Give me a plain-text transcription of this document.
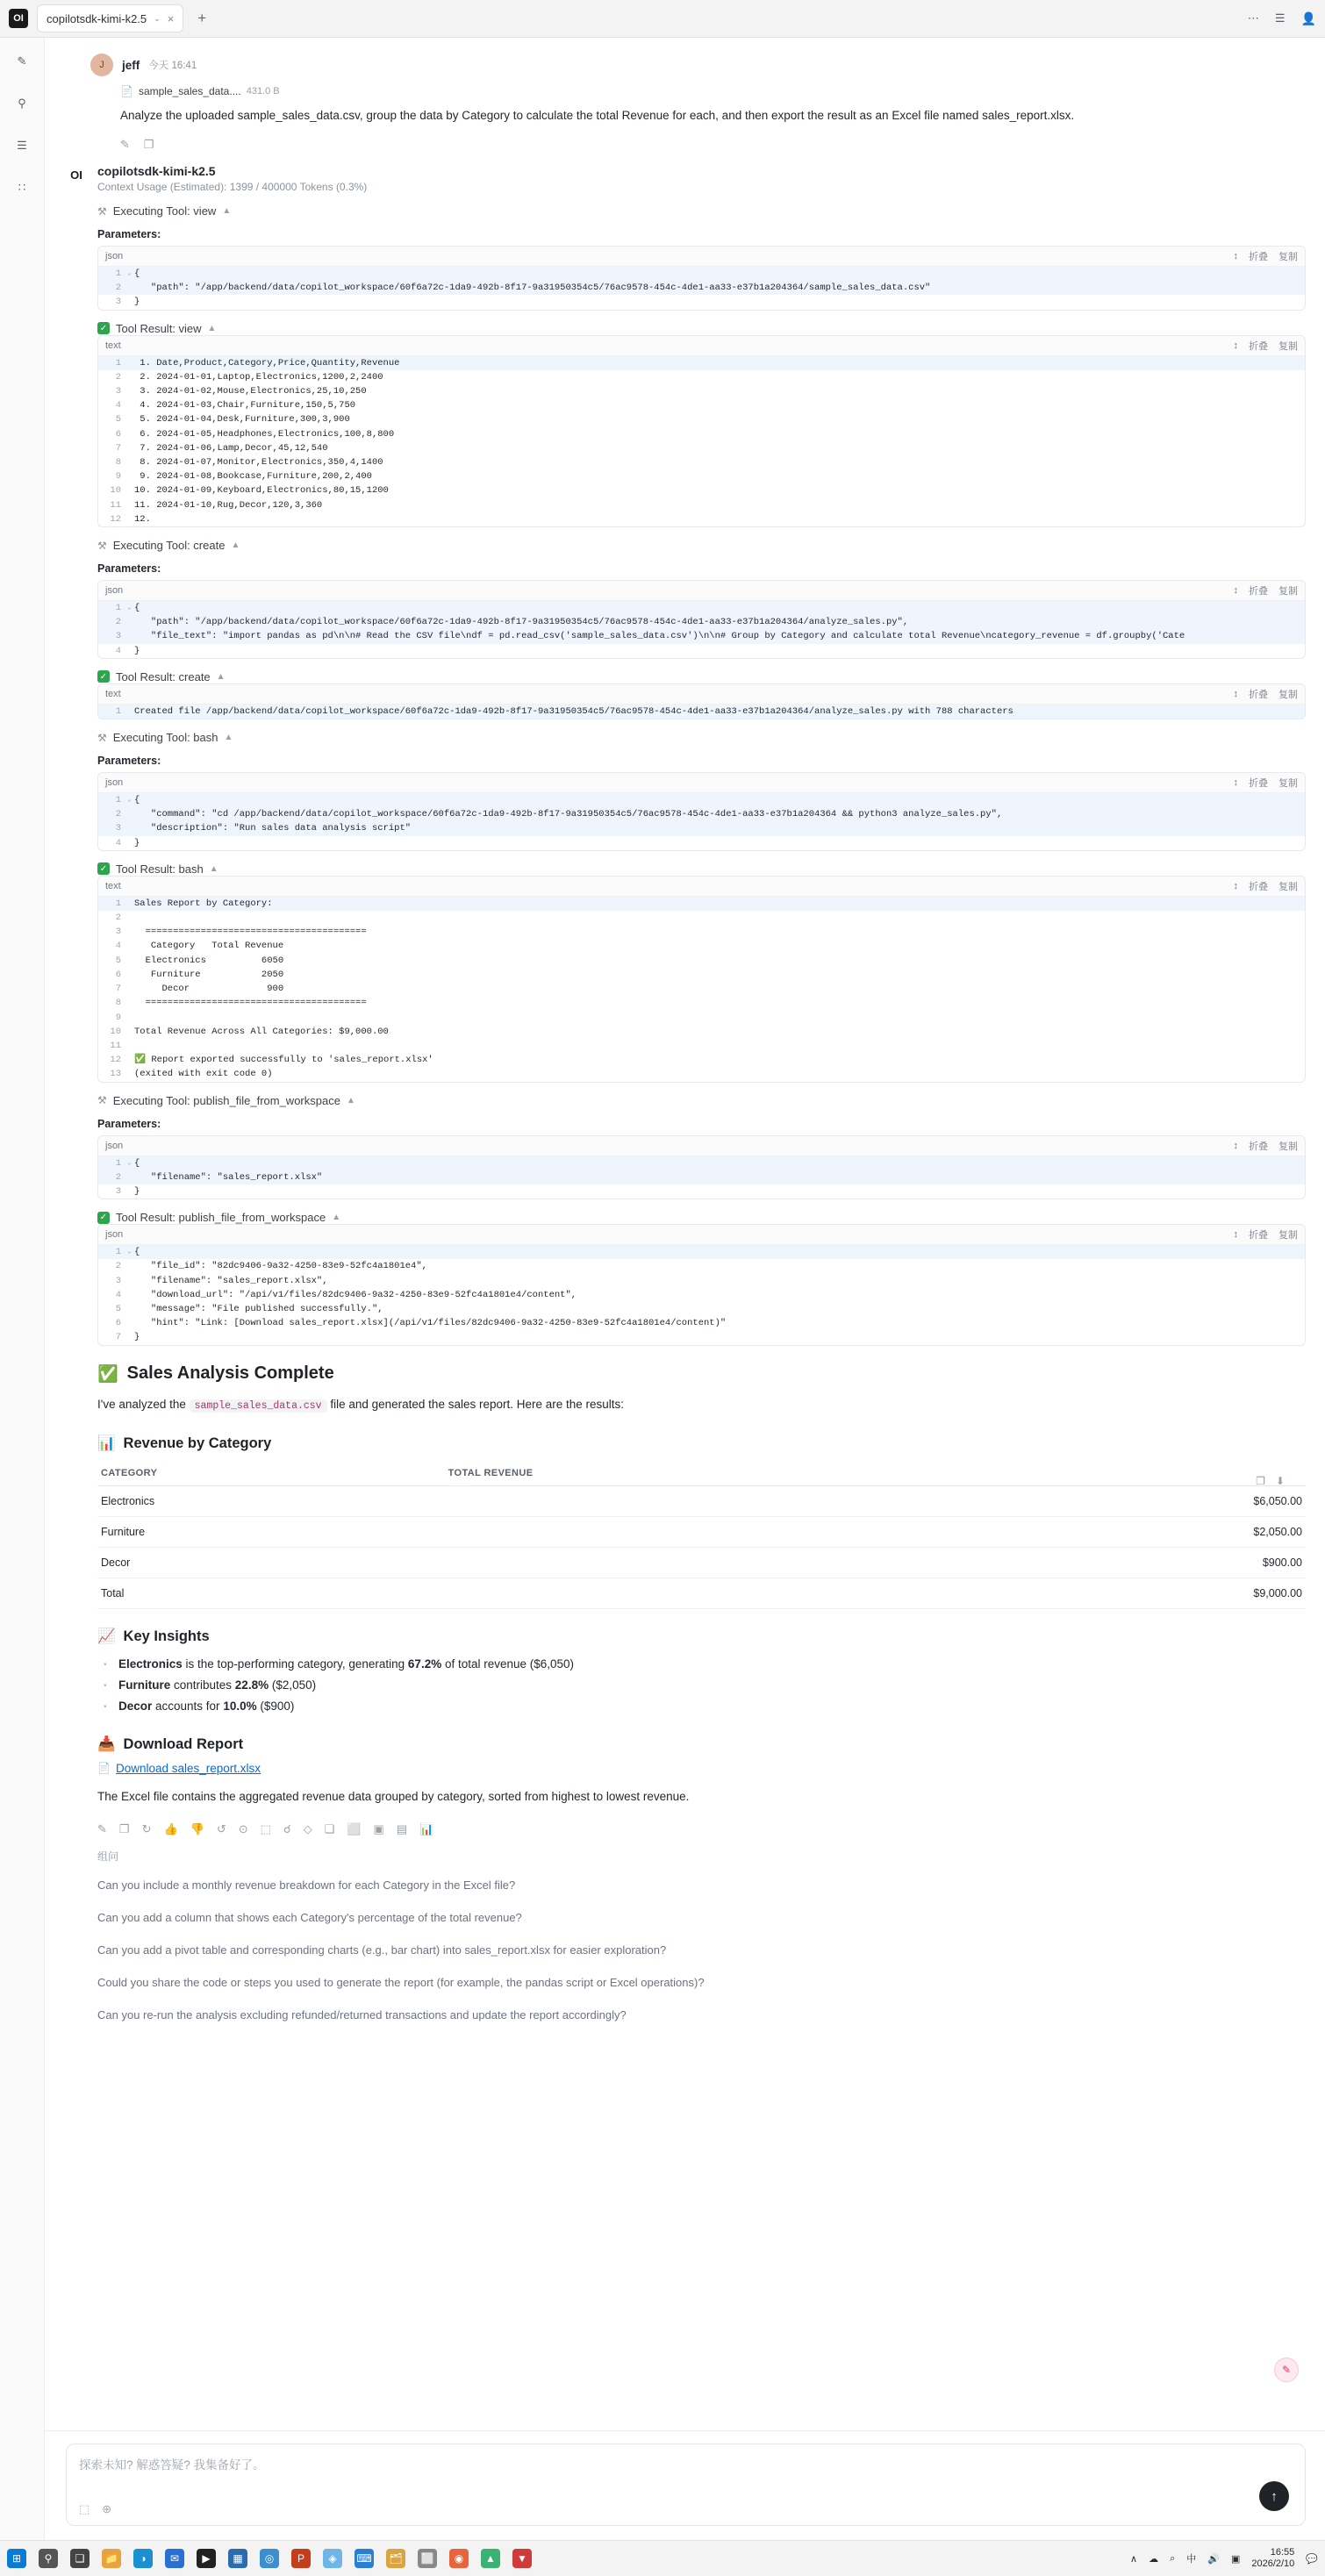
OI	copilotsdk-kimi-k2.5 ⌄ ×	+	⋯ ☰ 👤
✎
⚲
☰
∷
J	jeff 今天 16:41
📄 sample_sales_data.... 431.0 B
Analyze the uploaded sample_sales_data.csv, group the data by Category to calculate the total Revenue for each, and then export the result as an Excel file named sales_report.xlsx.
✎ ❐
OI	copilotsdk-kimi-k2.5
Context Usage (Estimated): 1399 / 400000 Tokens (0.3%)
⚒ Executing Tool: view ▲
Parameters:
json	↕ 折叠 复制
1 ⌄ {
2	"path": "/app/backend/data/copilot_workspace/60f6a72c-1da9-492b-8f17-9a31950354c5/76ac9578-454c-4de1-aa33-e37b1a204364/sample_sales_data.csv"
3	}
✓ Tool Result: view ▲
text	↕ 折叠 复制
1	1. Date,Product,Category,Price,Quantity,Revenue
2	2. 2024-01-01,Laptop,Electronics,1200,2,2400
3	3. 2024-01-02,Mouse,Electronics,25,10,250
4	4. 2024-01-03,Chair,Furniture,150,5,750
5	5. 2024-01-04,Desk,Furniture,300,3,900
6	6. 2024-01-05,Headphones,Electronics,100,8,800
7	7. 2024-01-06,Lamp,Decor,45,12,540
8	8. 2024-01-07,Monitor,Electronics,350,4,1400
9	9. 2024-01-08,Bookcase,Furniture,200,2,400
10	10. 2024-01-09,Keyboard,Electronics,80,15,1200
11	11. 2024-01-10,Rug,Decor,120,3,360
12	12.
⚒ Executing Tool: create ▲
Parameters:
json	↕ 折叠 复制
1 ⌄ {
2	"path": "/app/backend/data/copilot_workspace/60f6a72c-1da9-492b-8f17-9a31950354c5/76ac9578-454c-4de1-aa33-e37b1a204364/analyze_sales.py",
3	"file_text": "import pandas as pd\n\n# Read the CSV file\ndf = pd.read_csv('sample_sales_data.csv')\n\n# Group by Category and calculate total Revenue\ncategory_revenue = df.groupby('Cate
4	}
✓ Tool Result: create ▲
text	↕ 折叠 复制
1	Created file /app/backend/data/copilot_workspace/60f6a72c-1da9-492b-8f17-9a31950354c5/76ac9578-454c-4de1-aa33-e37b1a204364/analyze_sales.py with 788 characters
⚒ Executing Tool: bash ▲
Parameters:
json	↕ 折叠 复制
1 ⌄ {
2	"command": "cd /app/backend/data/copilot_workspace/60f6a72c-1da9-492b-8f17-9a31950354c5/76ac9578-454c-4de1-aa33-e37b1a204364 && python3 analyze_sales.py",
3	"description": "Run sales data analysis script"
4	}
✓ Tool Result: bash ▲
text	↕ 折叠 复制
1	Sales Report by Category:
2
3	========================================
4	Category   Total Revenue
5	Electronics          6050
6	Furniture           2050
7	Decor              900
8	========================================
9
10	Total Revenue Across All Categories: $9,000.00
11
12	✅ Report exported successfully to 'sales_report.xlsx'
13	(exited with exit code 0)
⚒ Executing Tool: publish_file_from_workspace ▲
Parameters:
json	↕ 折叠 复制
1 ⌄ {
2	"filename": "sales_report.xlsx"
3	}
✓ Tool Result: publish_file_from_workspace ▲
json	↕ 折叠 复制
1 ⌄ {
2	"file_id": "82dc9406-9a32-4250-83e9-52fc4a1801e4",
3	"filename": "sales_report.xlsx",
4	"download_url": "/api/v1/files/82dc9406-9a32-4250-83e9-52fc4a1801e4/content",
5	"message": "File published successfully.",
6	"hint": "Link: [Download sales_report.xlsx](/api/v1/files/82dc9406-9a32-4250-83e9-52fc4a1801e4/content)"
7	}
✅ Sales Analysis Complete

I've analyzed the sample_sales_data.csv file and generated the sales report. Here are the results:

📊 Revenue by Category
❐ ⬇
CATEGORY	TOTAL REVENUE	
Electronics		$6,050.00
Furniture		$2,050.00
Decor		$900.00
Total		$9,000.00
📈 Key Insights
▪ Electronics is the top-performing category, generating 67.2% of total revenue ($6,050)
▪ Furniture contributes 22.8% ($2,050)
▪ Decor accounts for 10.0% ($900)
📥 Download Report
📄 Download sales_report.xlsx

The Excel file contains the aggregated revenue data grouped by category, sorted from highest to lowest revenue.

✎ ❐ ↻ 👍 👎 ↺ ⊙ ⬚ ☌ ◇ ❑ ⬜ ▣ ▤ 📊
组问
Can you include a monthly revenue breakdown for each Category in the Excel file?
Can you add a column that shows each Category's percentage of the total revenue?
Can you add a pivot table and corresponding charts (e.g., bar chart) into sales_report.xlsx for easier exploration?
Could you share the code or steps you used to generate the report (for example, the pandas script or Excel operations)?
Can you re-run the analysis excluding refunded/returned transactions and update the report accordingly?
✎
探索未知? 解惑答疑? 我集备好了。
⬚ ⊕
↑
⊞	⚲	❑	📁	◑	✉	▶	▦	◎	P	◈	⌨ 🗂 ⬜	◉	▲	▼	∧ ☁ ⌕ 中 🔊 ▣
16:55
2026/2/10 💬
